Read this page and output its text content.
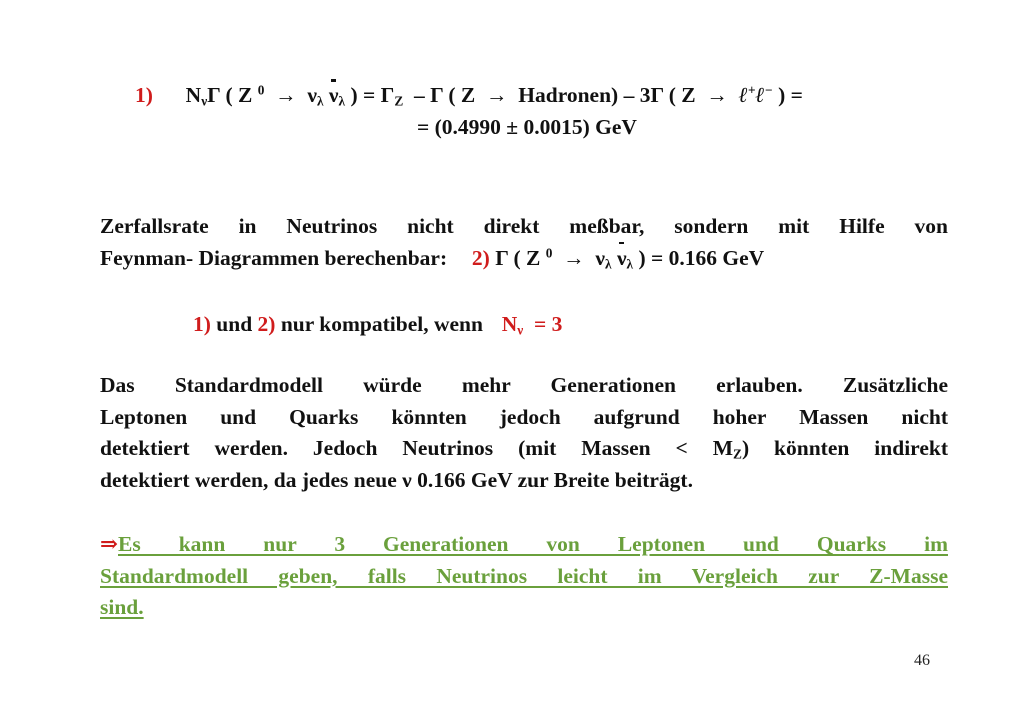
1) $N_\nu\Gamma$ ( Z $^0 \to \nu_\lambda$ $\nu_\lambda$ ) = $\Gamma_Z$ – Γ ( Z → Hadronen) – 3Γ ( Z → ℓ+ℓ− ) =
= (0.4990 ± 0.0015) GeV
Zerfallsrate in Neutrinos nicht direkt meßbar, sondern mit Hilfe von
Feynman- Diagrammen berechenbar: 2) Γ ( Z $^0 \to \nu_\lambda$ $\nu_\lambda$ ) = 0.166 GeV
1) und 2) nur kompatibel, wenn $N_\nu = 3$
Das Standardmodell würde mehr Generationen erlauben. Zusätzliche
Leptonen und Quarks könnten jedoch aufgrund hoher Massen nicht
detektiert werden. Jedoch Neutrinos (mit Massen < $M_Z$) könnten indirekt
detektiert werden, da jedes neue ν 0.166 GeV zur Breite beiträgt.
⇒Es kann nur 3 Generationen von Leptonen und Quarks im
Standardmodell geben, falls Neutrinos leicht im Vergleich zur Z-Masse
sind.
46
